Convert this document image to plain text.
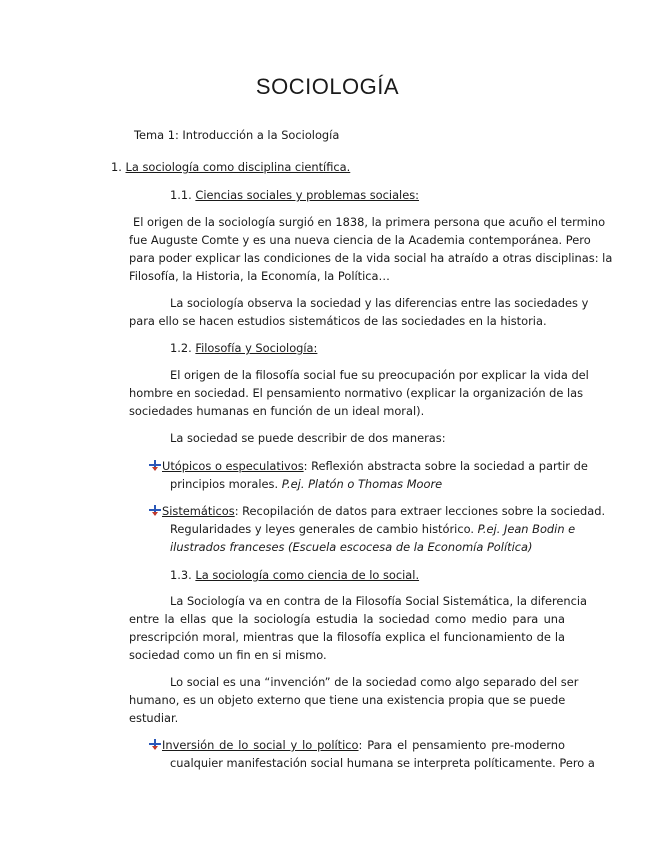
SOCIOLOGÍA
Tema 1: Introducción a la Sociología
1. La sociología como disciplina científica.
1.1. Ciencias sociales y problemas sociales:
El origen de la sociología surgió en 1838, la primera persona que acuño el termino
fue Auguste Comte y es una nueva ciencia de la Academia contemporánea. Pero
para poder explicar las condiciones de la vida social ha atraído a otras disciplinas: la
Filosofía, la Historia, la Economía, la Política…
La sociología observa la sociedad y las diferencias entre las sociedades y
para ello se hacen estudios sistemáticos de las sociedades en la historia.
1.2. Filosofía y Sociología:
El origen de la filosofía social fue su preocupación por explicar la vida del
hombre en sociedad. El pensamiento normativo (explicar la organización de las
sociedades humanas en función de un ideal moral).
La sociedad se puede describir de dos maneras:
Utópicos o especulativos: Reflexión abstracta sobre la sociedad a partir de
principios morales. P.ej. Platón o Thomas Moore
Sistemáticos: Recopilación de datos para extraer lecciones sobre la sociedad.
Regularidades y leyes generales de cambio histórico. P.ej. Jean Bodin e
ilustrados franceses (Escuela escocesa de la Economía Política)
1.3. La sociología como ciencia de lo social.
La Sociología va en contra de la Filosofía Social Sistemática, la diferencia
entre la ellas que la sociología estudia la sociedad como medio para una
prescripción moral, mientras que la filosofía explica el funcionamiento de la
sociedad como un fin en si mismo.
Lo social es una “invención” de la sociedad como algo separado del ser
humano, es un objeto externo que tiene una existencia propia que se puede
estudiar.
Inversión de lo social y lo político: Para el pensamiento pre-moderno
cualquier manifestación social humana se interpreta políticamente. Pero a
